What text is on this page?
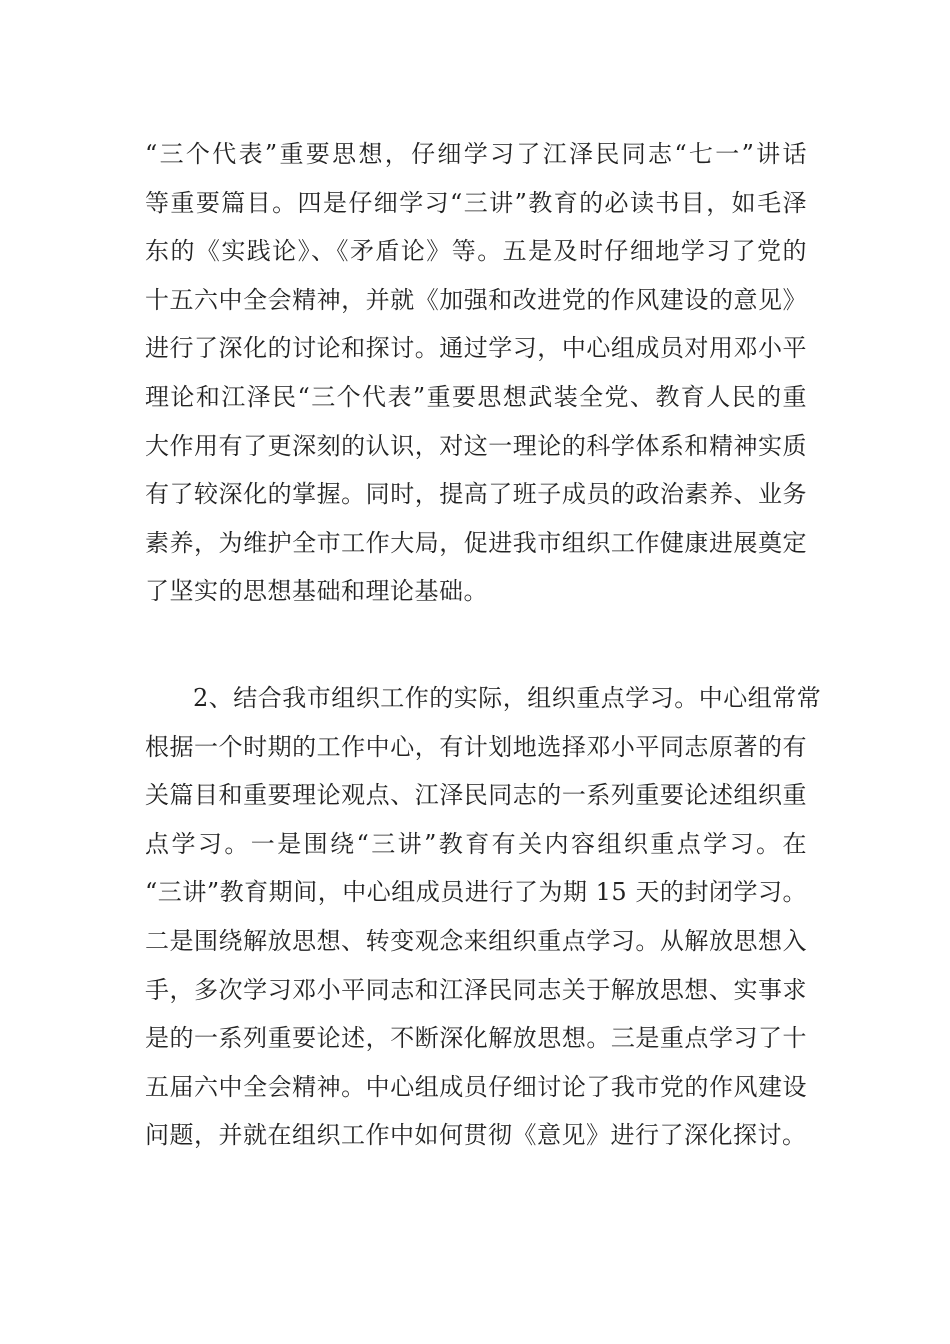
“三个代表”重要思想，仔细学习了江泽民同志“七一”讲话
等重要篇目。四是仔细学习“三讲”教育的必读书目，如毛泽
东的《实践论》、《矛盾论》等。五是及时仔细地学习了党的
十五六中全会精神，并就《加强和改进党的作风建设的意见》
进行了深化的讨论和探讨。通过学习，中心组成员对用邓小平
理论和江泽民“三个代表”重要思想武装全党、教育人民的重
大作用有了更深刻的认识，对这一理论的科学体系和精神实质
有了较深化的掌握。同时，提高了班子成员的政治素养、业务
素养，为维护全市工作大局，促进我市组织工作健康进展奠定
了坚实的思想基础和理论基础。
2、结合我市组织工作的实际，组织重点学习。中心组常常
根据一个时期的工作中心，有计划地选择邓小平同志原著的有
关篇目和重要理论观点、江泽民同志的一系列重要论述组织重
点学习。一是围绕“三讲”教育有关内容组织重点学习。在
“三讲”教育期间，中心组成员进行了为期 15 天的封闭学习。
二是围绕解放思想、转变观念来组织重点学习。从解放思想入
手，多次学习邓小平同志和江泽民同志关于解放思想、实事求
是的一系列重要论述，不断深化解放思想。三是重点学习了十
五届六中全会精神。中心组成员仔细讨论了我市党的作风建设
问题，并就在组织工作中如何贯彻《意见》进行了深化探讨。
